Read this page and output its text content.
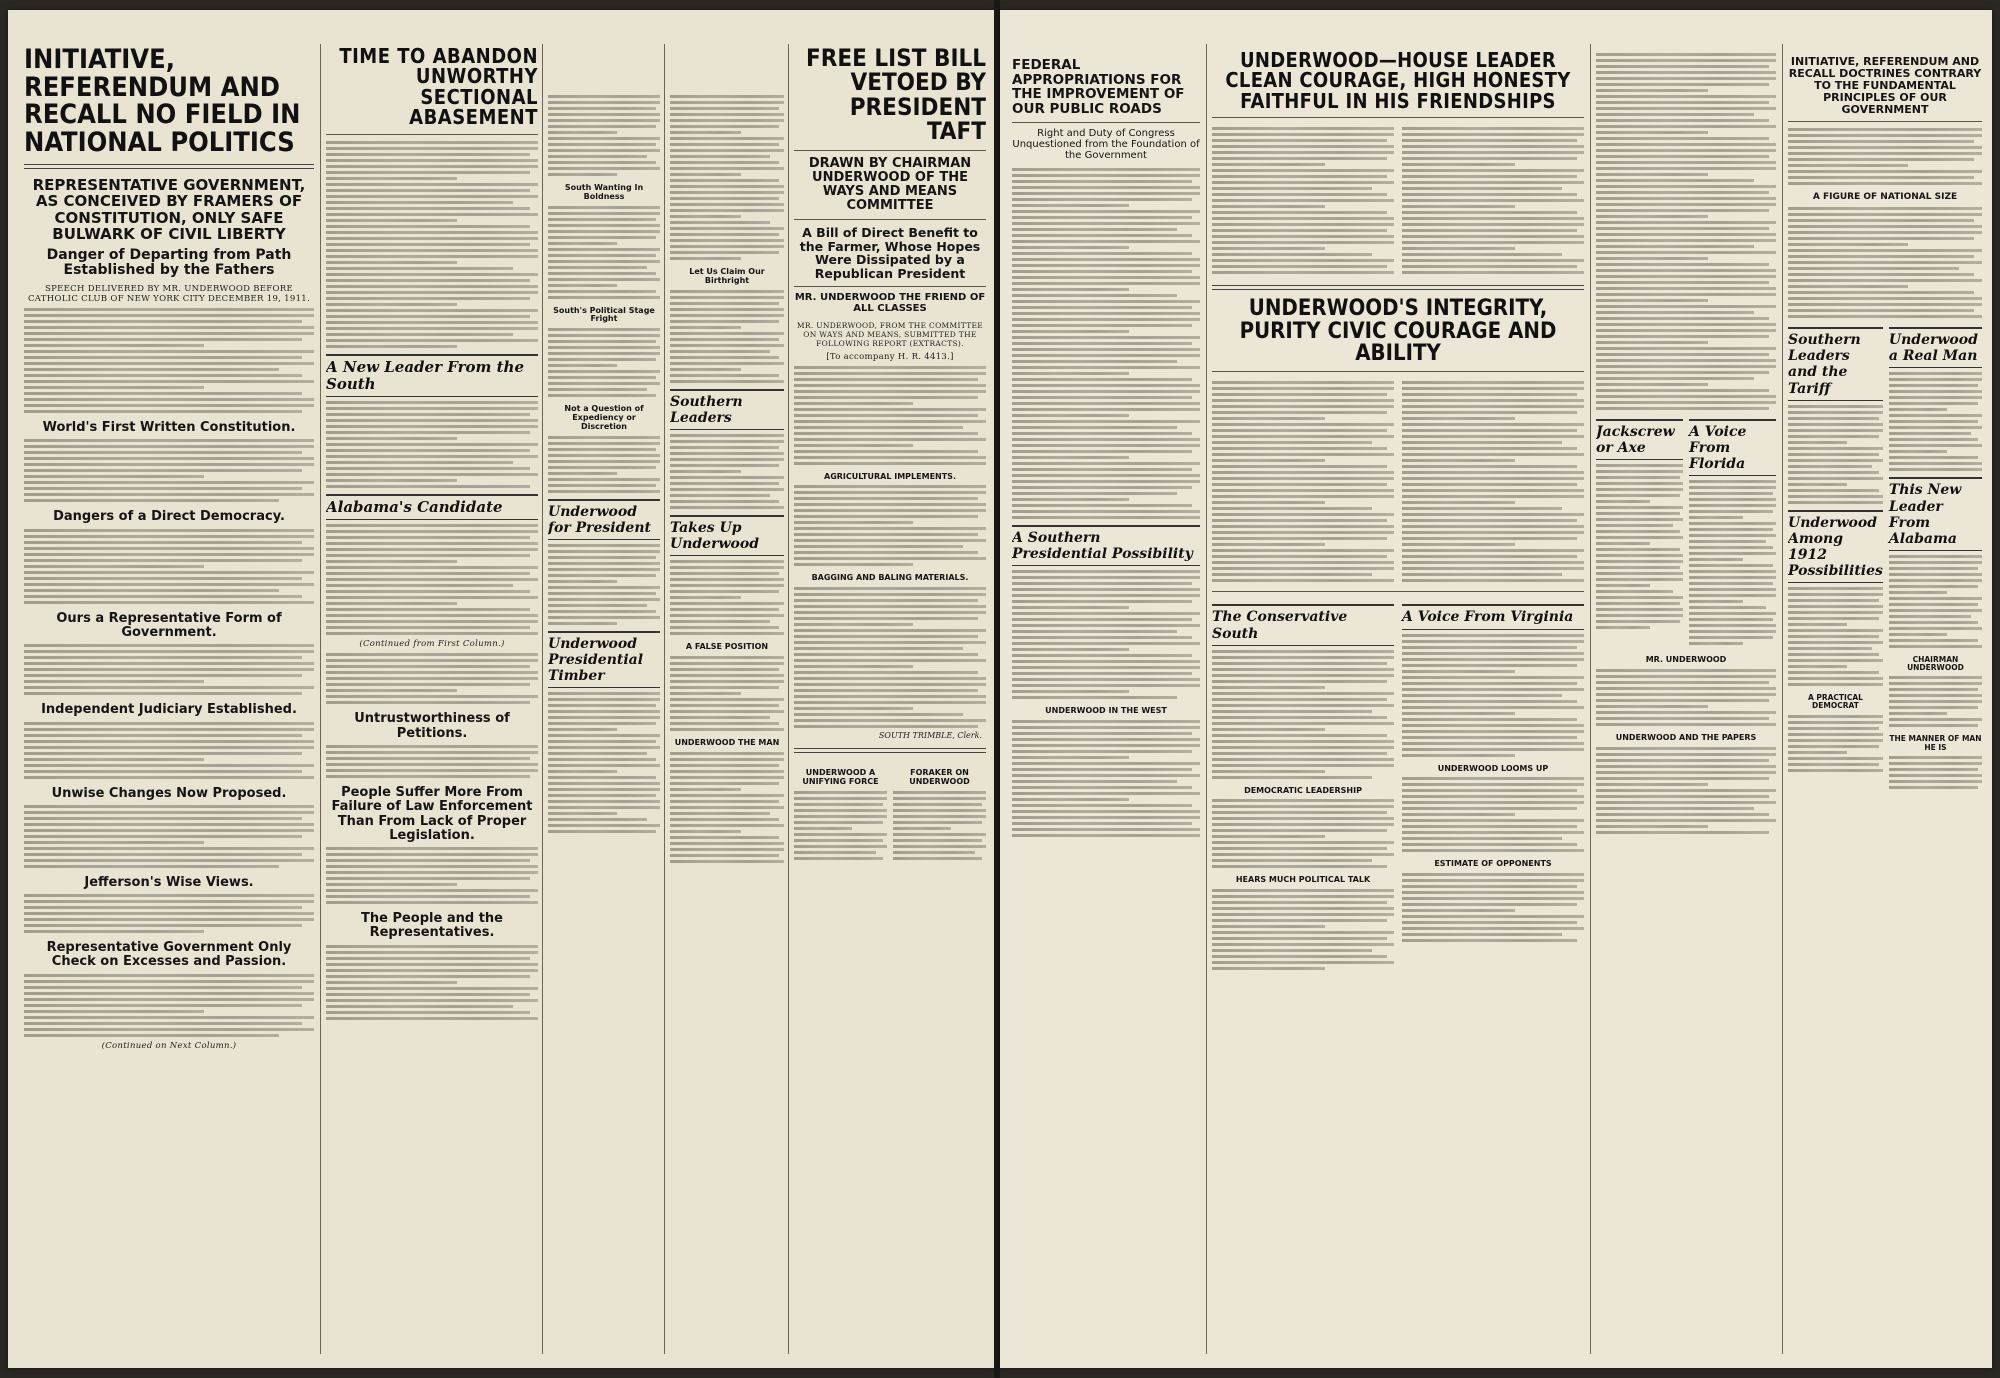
INITIATIVE, REFERENDUM AND RECALL NO FIELD IN NATIONAL POLITICS
REPRESENTATIVE GOVERNMENT, AS CONCEIVED BY FRAMERS OF CONSTITUTION, ONLY SAFE BULWARK OF CIVIL LIBERTY
Danger of Departing from Path Established by the Fathers
SPEECH DELIVERED BY MR. UNDERWOOD BEFORE CATHOLIC CLUB OF NEW YORK CITY DECEMBER 19, 1911.
World's First Written Constitution.
Dangers of a Direct Democracy.
Ours a Representative Form of Government.
Independent Judiciary Established.
Unwise Changes Now Proposed.
Jefferson's Wise Views.
Representative Government Only Check on Excesses and Passion.
(Continued on Next Column.)
TIME TO ABANDON UNWORTHY SECTIONAL ABASEMENT
A New Leader From the South
Alabama's Candidate
(Continued from First Column.)
Untrustworthiness of Petitions.
People Suffer More From Failure of Law Enforcement Than From Lack of Proper Legislation.
The People and the Representatives.
South Wanting In Boldness
South's Political Stage Fright
Not a Question of Expediency or Discretion
Underwood for President
Underwood Presidential Timber
Let Us Claim Our Birthright
Southern Leaders
Takes Up Underwood
A FALSE POSITION
UNDERWOOD THE MAN
FREE LIST BILL VETOED BY PRESIDENT TAFT
DRAWN BY CHAIRMAN UNDERWOOD OF THE WAYS AND MEANS COMMITTEE
A Bill of Direct Benefit to the Farmer, Whose Hopes Were Dissipated by a Republican President
MR. UNDERWOOD THE FRIEND OF ALL CLASSES
MR. UNDERWOOD, FROM THE COMMITTEE ON WAYS AND MEANS, SUBMITTED THE FOLLOWING REPORT (EXTRACTS).
[To accompany H. R. 4413.]
AGRICULTURAL IMPLEMENTS.
BAGGING AND BALING MATERIALS.
SOUTH TRIMBLE, Clerk.
UNDERWOOD A UNIFYING FORCE
FORAKER ON UNDERWOOD
FEDERAL APPROPRIATIONS FOR THE IMPROVEMENT OF OUR PUBLIC ROADS
Right and Duty of Congress Unquestioned from the Foundation of the Government
A Southern Presidential Possibility
UNDERWOOD IN THE WEST
UNDERWOOD—HOUSE LEADER CLEAN COURAGE, HIGH HONESTY FAITHFUL IN HIS FRIENDSHIPS
UNDERWOOD'S INTEGRITY, PURITY CIVIC COURAGE AND ABILITY
The Conservative South
DEMOCRATIC LEADERSHIP
HEARS MUCH POLITICAL TALK
A Voice From Virginia
UNDERWOOD LOOMS UP
ESTIMATE OF OPPONENTS
Jackscrew or Axe
A Voice From Florida
MR. UNDERWOOD
UNDERWOOD AND THE PAPERS
INITIATIVE, REFERENDUM AND RECALL DOCTRINES CONTRARY TO THE FUNDAMENTAL PRINCIPLES OF OUR GOVERNMENT
A FIGURE OF NATIONAL SIZE
Southern Leaders and the Tariff
Underwood Among 1912 Possibilities
A PRACTICAL DEMOCRAT
Underwood a Real Man
This New Leader From Alabama
CHAIRMAN UNDERWOOD
THE MANNER OF MAN HE IS
